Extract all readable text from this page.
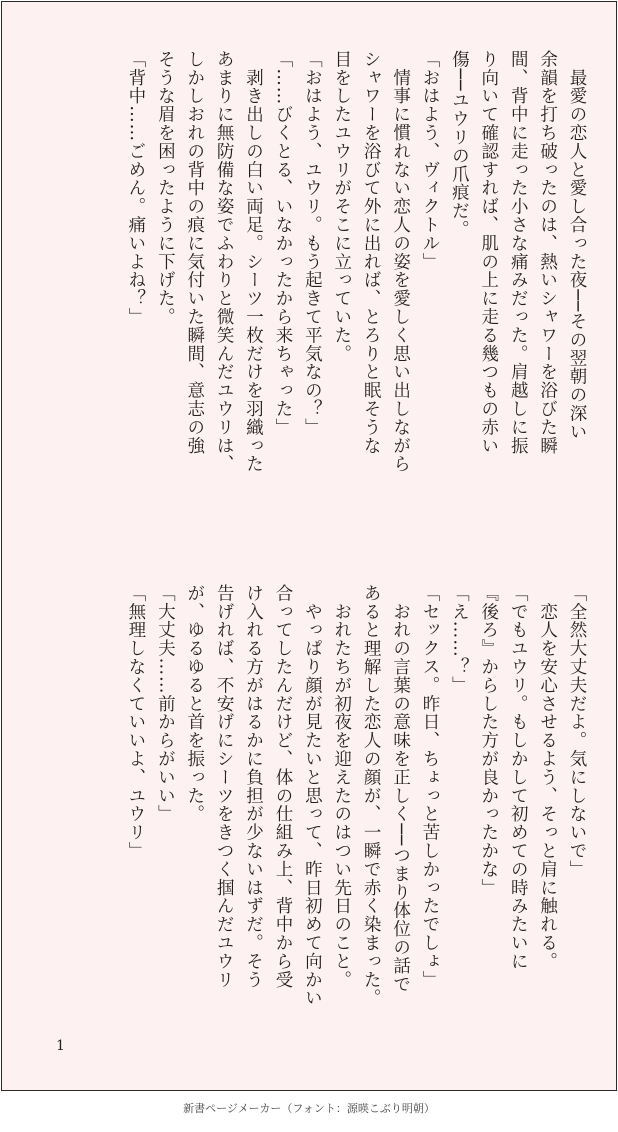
　最愛の恋人と愛し合った夜──その翌朝の深い

余韻を打ち破ったのは、熱いシャワーを浴びた瞬

間、背中に走った小さな痛みだった。肩越しに振

り向いて確認すれば、肌の上に走る幾つもの赤い

傷──ユウリの爪痕だ。

「おはよう、ヴィクトル」

　情事に慣れない恋人の姿を愛しく思い出しながら

シャワーを浴びて外に出れば、とろりと眠そうな

目をしたユウリがそこに立っていた。

「おはよう、ユウリ。もう起きて平気なの？」

「……びくとる、いなかったから来ちゃった」

　剥き出しの白い両足。シーツ一枚だけを羽織った

あまりに無防備な姿でふわりと微笑んだユウリは、

しかしおれの背中の痕に気付いた瞬間、意志の強

そうな眉を困ったように下げた。

「背中……ごめん。痛いよね？」

「全然大丈夫だよ。気にしないで」

　恋人を安心させるよう、そっと肩に触れる。

「でもユウリ。もしかして初めての時みたいに

『後ろ』からした方が良かったかな」

「え……？」

「セックス。昨日、ちょっと苦しかったでしょ」

　おれの言葉の意味を正しく──つまり体位の話で

あると理解した恋人の顔が、一瞬で赤く染まった。

　おれたちが初夜を迎えたのはつい先日のこと。

　やっぱり顔が見たいと思って、昨日初めて向かい

合ってしたんだけど、体の仕組み上、背中から受

け入れる方がはるかに負担が少ないはずだ。そう

告げれば、不安げにシーツをきつく掴んだユウリ

が、ゆるゆると首を振った。

「大丈夫……前からがいい」

「無理しなくていいよ、ユウリ」

1
新書ページメーカー（フォント：源暎こぶり明朝）
